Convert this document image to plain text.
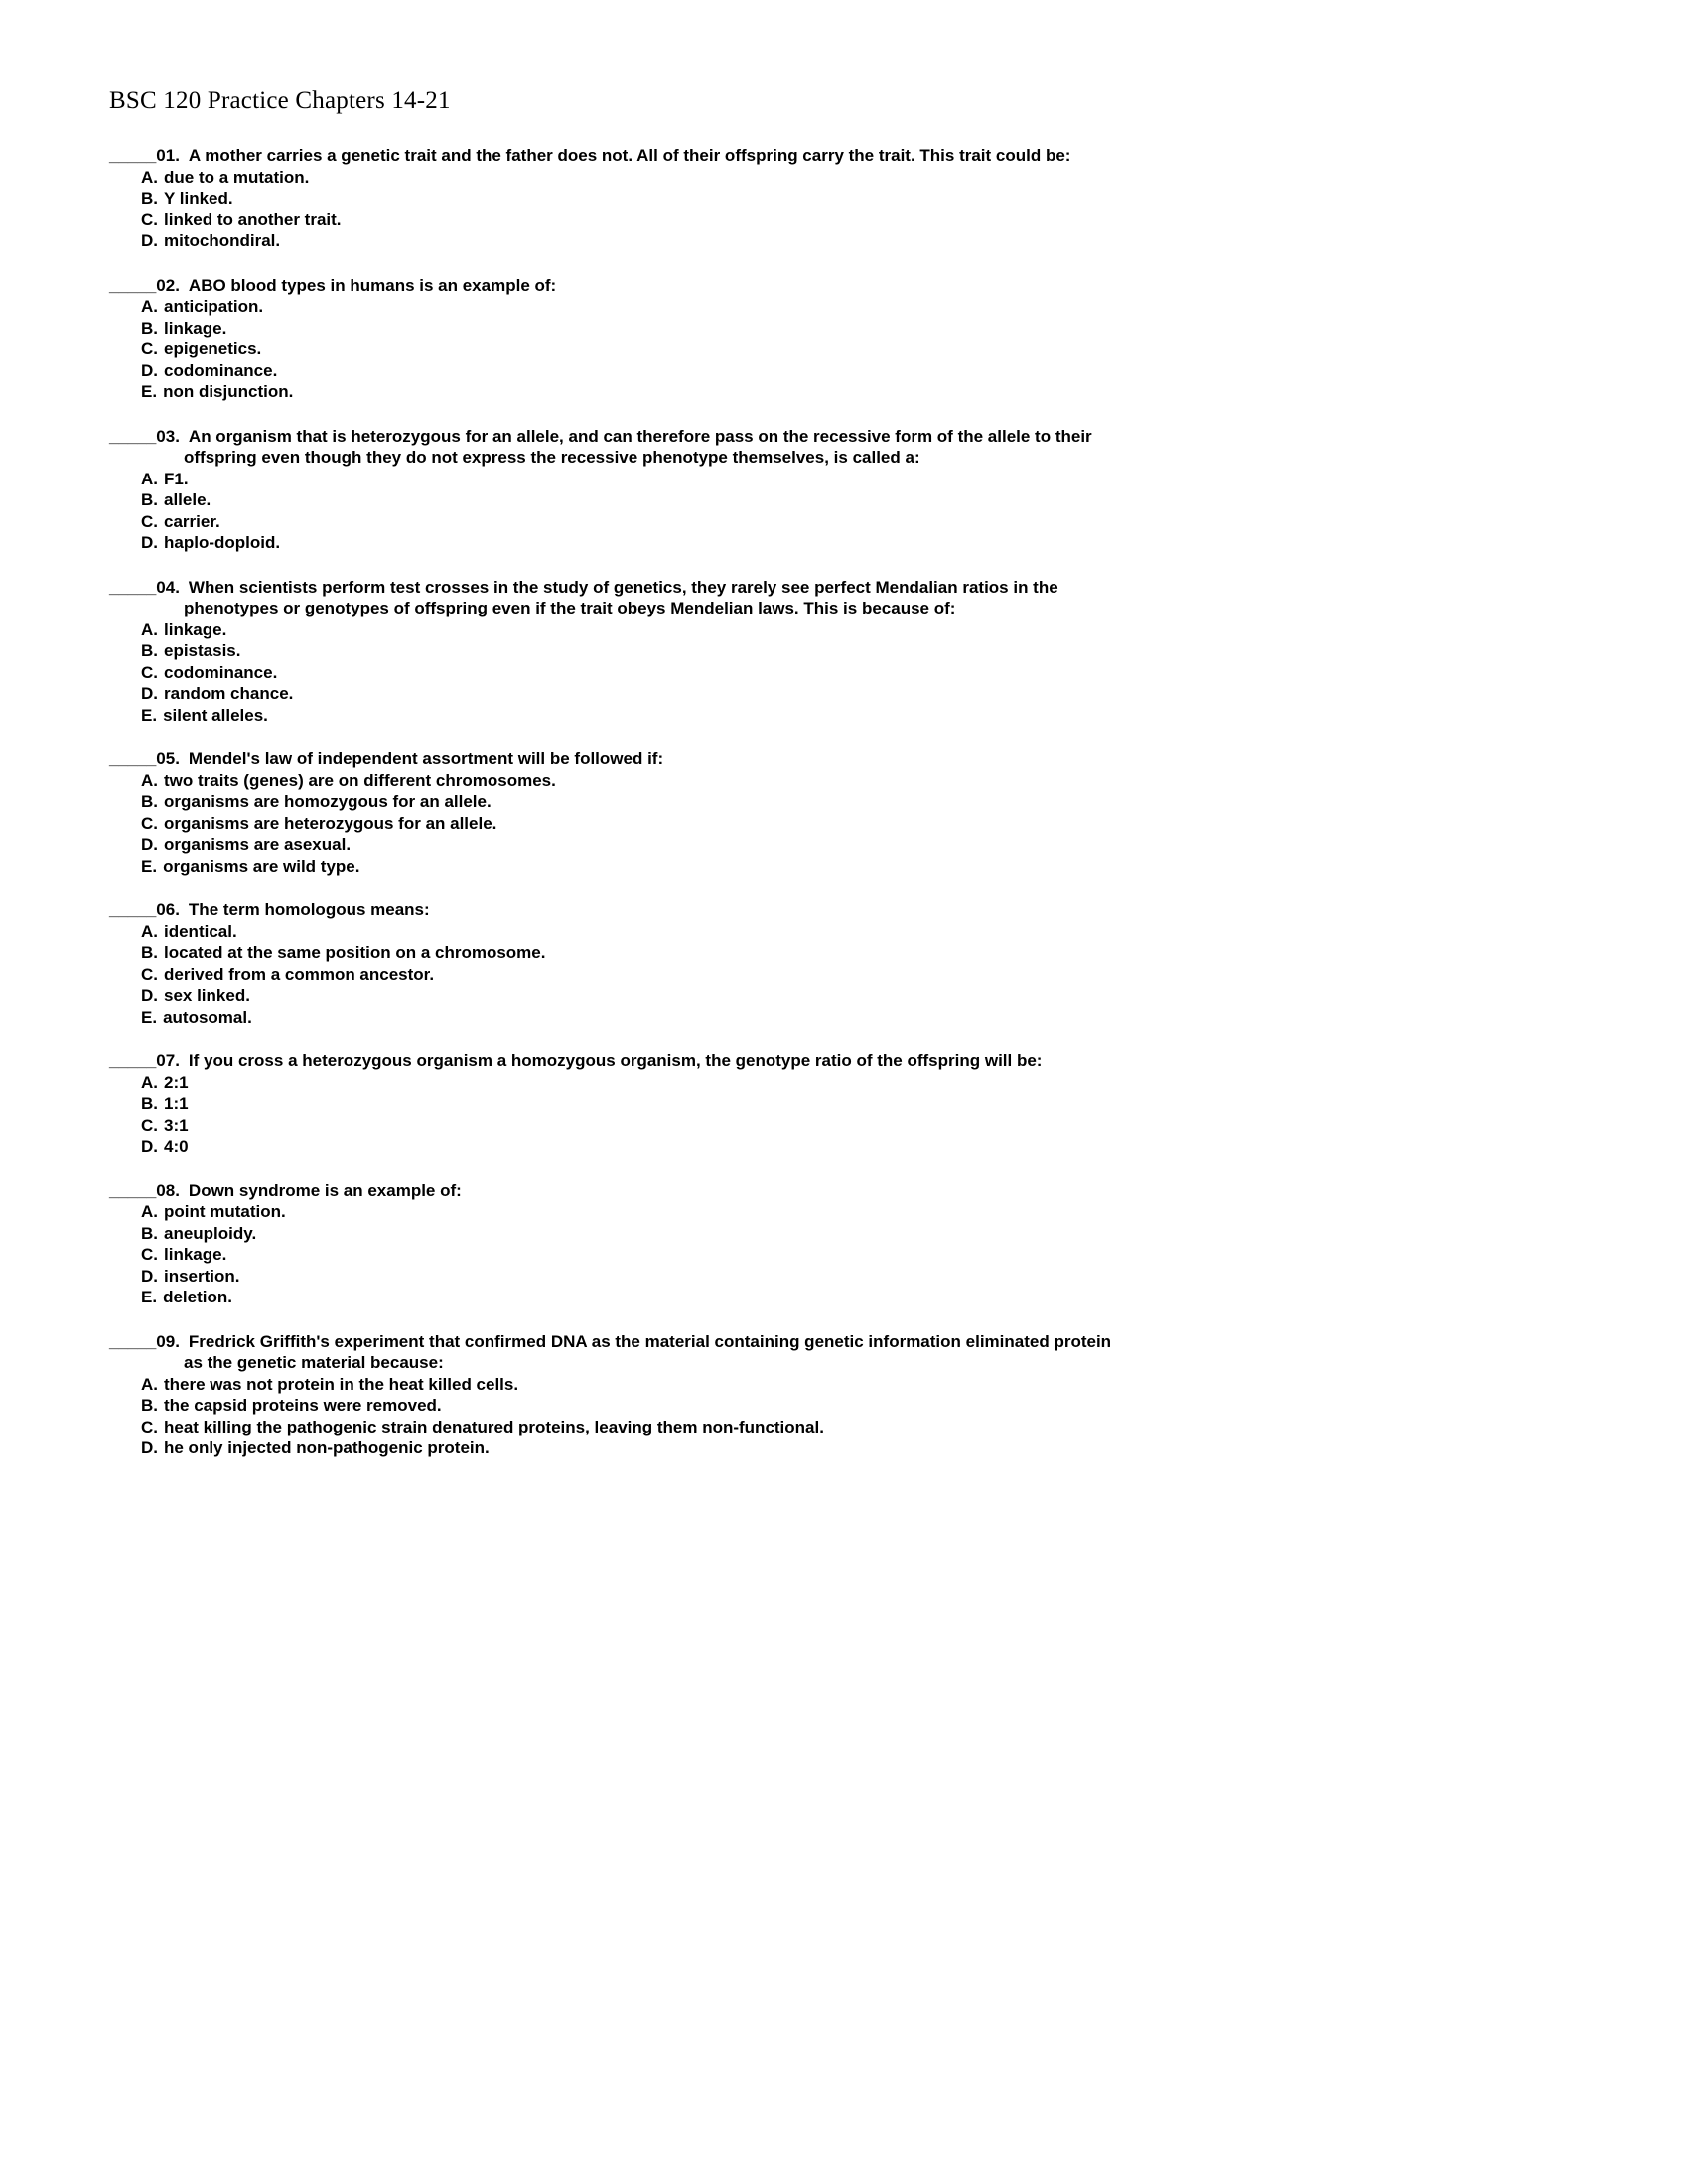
BSC 120 Practice Chapters 14-21

_____01. A mother carries a genetic trait and the father does not. All of their offspring carry the trait. This trait could be:

A. due to a mutation.

B. Y linked.

C. linked to another trait.

D. mitochondiral.

_____02. ABO blood types in humans is an example of:

A. anticipation.

B. linkage.

C. epigenetics.

D. codominance.

E. non disjunction.

_____03. An organism that is heterozygous for an allele, and can therefore pass on the recessive form of the allele to their offspring even though they do not express the recessive phenotype themselves, is called a:

A. F1.

B. allele.

C. carrier.

D. haplo-doploid.

_____04. When scientists perform test crosses in the study of genetics, they rarely see perfect Mendalian ratios in the phenotypes or genotypes of offspring even if the trait obeys Mendelian laws. This is because of:

A. linkage.

B. epistasis.

C. codominance.

D. random chance.

E. silent alleles.

_____05. Mendel's law of independent assortment will be followed if:

A. two traits (genes) are on different chromosomes.

B. organisms are homozygous for an allele.

C. organisms are heterozygous for an allele.

D. organisms are asexual.

E. organisms are wild type.

_____06. The term homologous means:

A. identical.

B. located at the same position on a chromosome.

C. derived from a common ancestor.

D. sex linked.

E. autosomal.

_____07. If you cross a heterozygous organism a homozygous organism, the genotype ratio of the offspring will be:

A. 2:1

B. 1:1

C. 3:1

D. 4:0

_____08. Down syndrome is an example of:

A. point mutation.

B. aneuploidy.

C. linkage.

D. insertion.

E. deletion.

_____09. Fredrick Griffith's experiment that confirmed DNA as the material containing genetic information eliminated protein as the genetic material because:

A. there was not protein in the heat killed cells.

B. the capsid proteins were removed.

C. heat killing the pathogenic strain denatured proteins, leaving them non-functional.

D. he only injected non-pathogenic protein.
